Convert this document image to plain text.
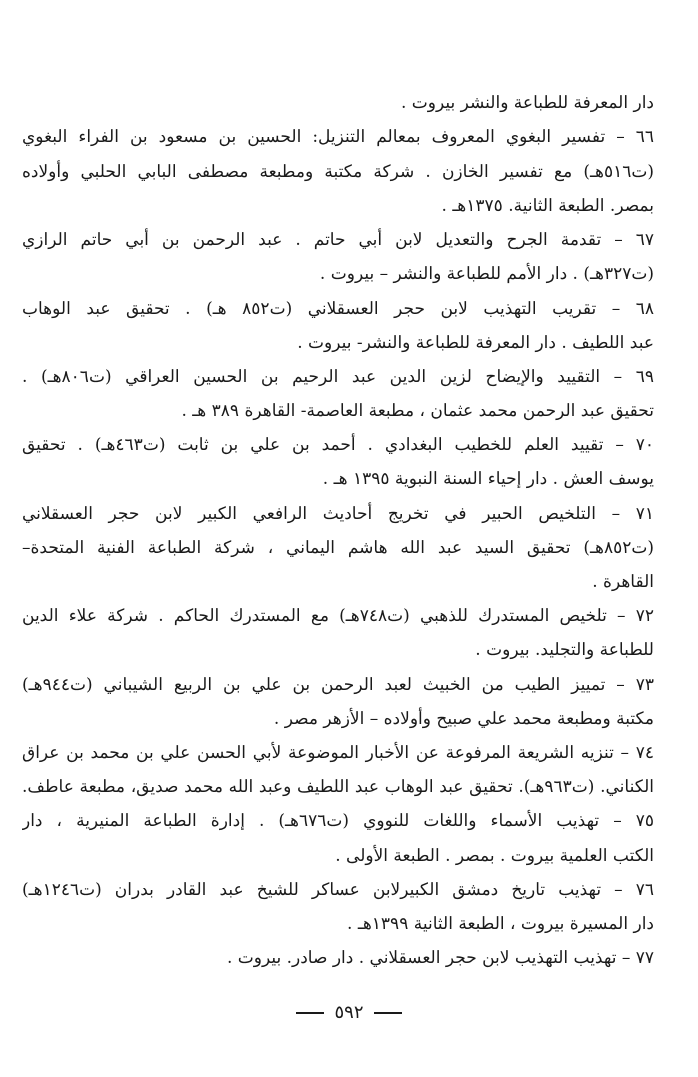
دار المعرفة للطباعة والنشر بيروت .
٦٦ – تفسير البغوي المعروف بمعالم التنزيل: الحسين بن مسعود بن الفراء البغوي
(ت٥١٦هـ) مع تفسير الخازن . شركة مكتبة ومطبعة مصطفى البابي الحلبي وأولاده
بمصر. الطبعة الثانية. ١٣٧٥هـ .
٦٧ – تقدمة الجرح والتعديل لابن أبي حاتم . عبد الرحمن بن أبي حاتم الرازي
(ت٣٢٧هـ) . دار الأمم للطباعة والنشر – بيروت .
٦٨ – تقريب التهذيب لابن حجر العسقلاني (ت٨٥٢ هـ) . تحقيق عبد الوهاب
عبد اللطيف . دار المعرفة للطباعة والنشر- بيروت .
٦٩ – التقييد والإيضاح لزين الدين عبد الرحيم بن الحسين العراقي (ت٨٠٦هـ) .
تحقيق عبد الرحمن محمد عثمان ، مطبعة العاصمة- القاهرة ٣٨٩ هـ .
٧٠ – تقييد العلم للخطيب البغدادي . أحمد بن علي بن ثابت (ت٤٦٣هـ) . تحقيق
يوسف العش . دار إحياء السنة النبوية ١٣٩٥ هـ .
٧١ – التلخيص الحبير في تخريج أحاديث الرافعي الكبير لابن حجر العسقلاني
(ت٨٥٢هـ) تحقيق السيد عبد الله هاشم اليماني ، شركة الطباعة الفنية المتحدة–
القاهرة .
٧٢ – تلخيص المستدرك للذهبي (ت٧٤٨هـ) مع المستدرك الحاكم . شركة علاء الدين
للطباعة والتجليد. بيروت .
٧٣ – تمييز الطيب من الخبيث لعبد الرحمن بن علي بن الربيع الشيباني (ت٩٤٤هـ)
مكتبة ومطبعة محمد علي صبيح وأولاده – الأزهر مصر .
٧٤ – تنزيه الشريعة المرفوعة عن الأخبار الموضوعة لأبي الحسن علي بن محمد بن عراق
الكناني. (ت٩٦٣هـ). تحقيق عبد الوهاب عبد اللطيف وعبد الله محمد صديق، مطبعة عاطف.
٧٥ – تهذيب الأسماء واللغات للنووي (ت٦٧٦هـ) . إدارة الطباعة المنيرية ، دار
الكتب العلمية بيروت . بمصر . الطبعة الأولى .
٧٦ – تهذيب تاريخ دمشق الكبيرلابن عساكر للشيخ عبد القادر بدران (ت١٢٤٦هـ)
دار المسيرة بيروت ، الطبعة الثانية ١٣٩٩هـ .
٧٧ – تهذيب التهذيب لابن حجر العسقلاني . دار صادر. بيروت .
٥٩٢
